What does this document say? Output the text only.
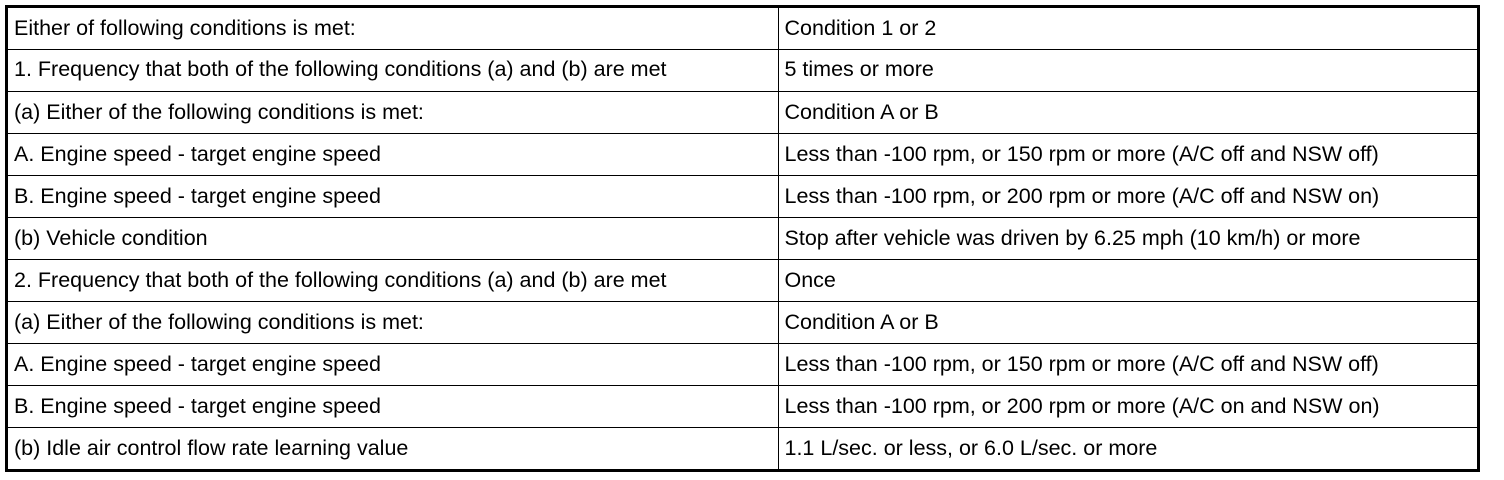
Either of following conditions is met:	Condition 1 or 2
1. Frequency that both of the following conditions (a) and (b) are met	5 times or more
(a) Either of the following conditions is met:	Condition A or B
A. Engine speed - target engine speed	Less than -100 rpm, or 150 rpm or more (A/C off and NSW off)
B. Engine speed - target engine speed	Less than -100 rpm, or 200 rpm or more (A/C off and NSW on)
(b) Vehicle condition	Stop after vehicle was driven by 6.25 mph (10 km/h) or more
2. Frequency that both of the following conditions (a) and (b) are met	Once
(a) Either of the following conditions is met:	Condition A or B
A. Engine speed - target engine speed	Less than -100 rpm, or 150 rpm or more (A/C off and NSW off)
B. Engine speed - target engine speed	Less than -100 rpm, or 200 rpm or more (A/C on and NSW on)
(b) Idle air control flow rate learning value	1.1 L/sec. or less, or 6.0 L/sec. or more
